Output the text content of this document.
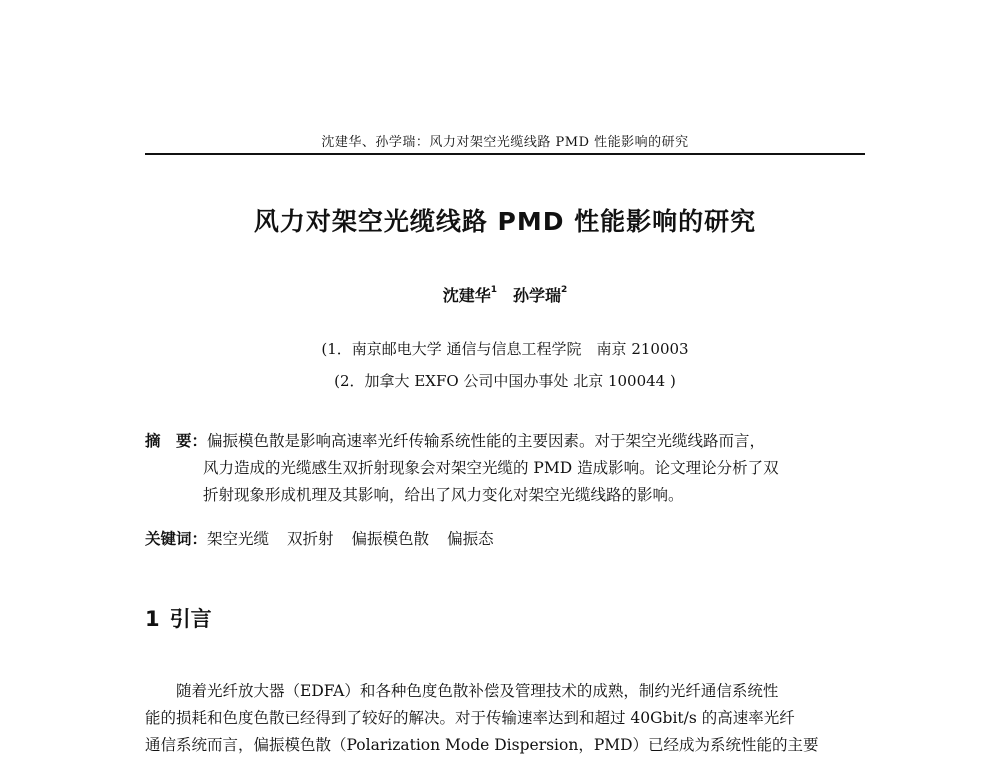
沈建华、孙学瑞：风力对架空光缆线路 PMD 性能影响的研究
风力对架空光缆线路 PMD 性能影响的研究
沈建华$^1$ 孙学瑞$^2$
(1．南京邮电大学 通信与信息工程学院　南京 210003
(2．加拿大 EXFO 公司中国办事处 北京 100044 )
摘　要：偏振模色散是影响高速率光纤传输系统性能的主要因素。对于架空光缆线路而言，
风力造成的光缆感生双折射现象会对架空光缆的 PMD 造成影响。论文理论分析了双
折射现象形成机理及其影响，给出了风力变化对架空光缆线路的影响。
关键词：架空光缆 双折射 偏振模色散 偏振态
1 引言
随着光纤放大器（EDFA）和各种色度色散补偿及管理技术的成熟，制约光纤通信系统性
能的损耗和色度色散已经得到了较好的解决。对于传输速率达到和超过 40Gbit/s 的高速率光纤
通信系统而言，偏振模色散（Polarization Mode Dispersion，PMD）已经成为系统性能的主要
